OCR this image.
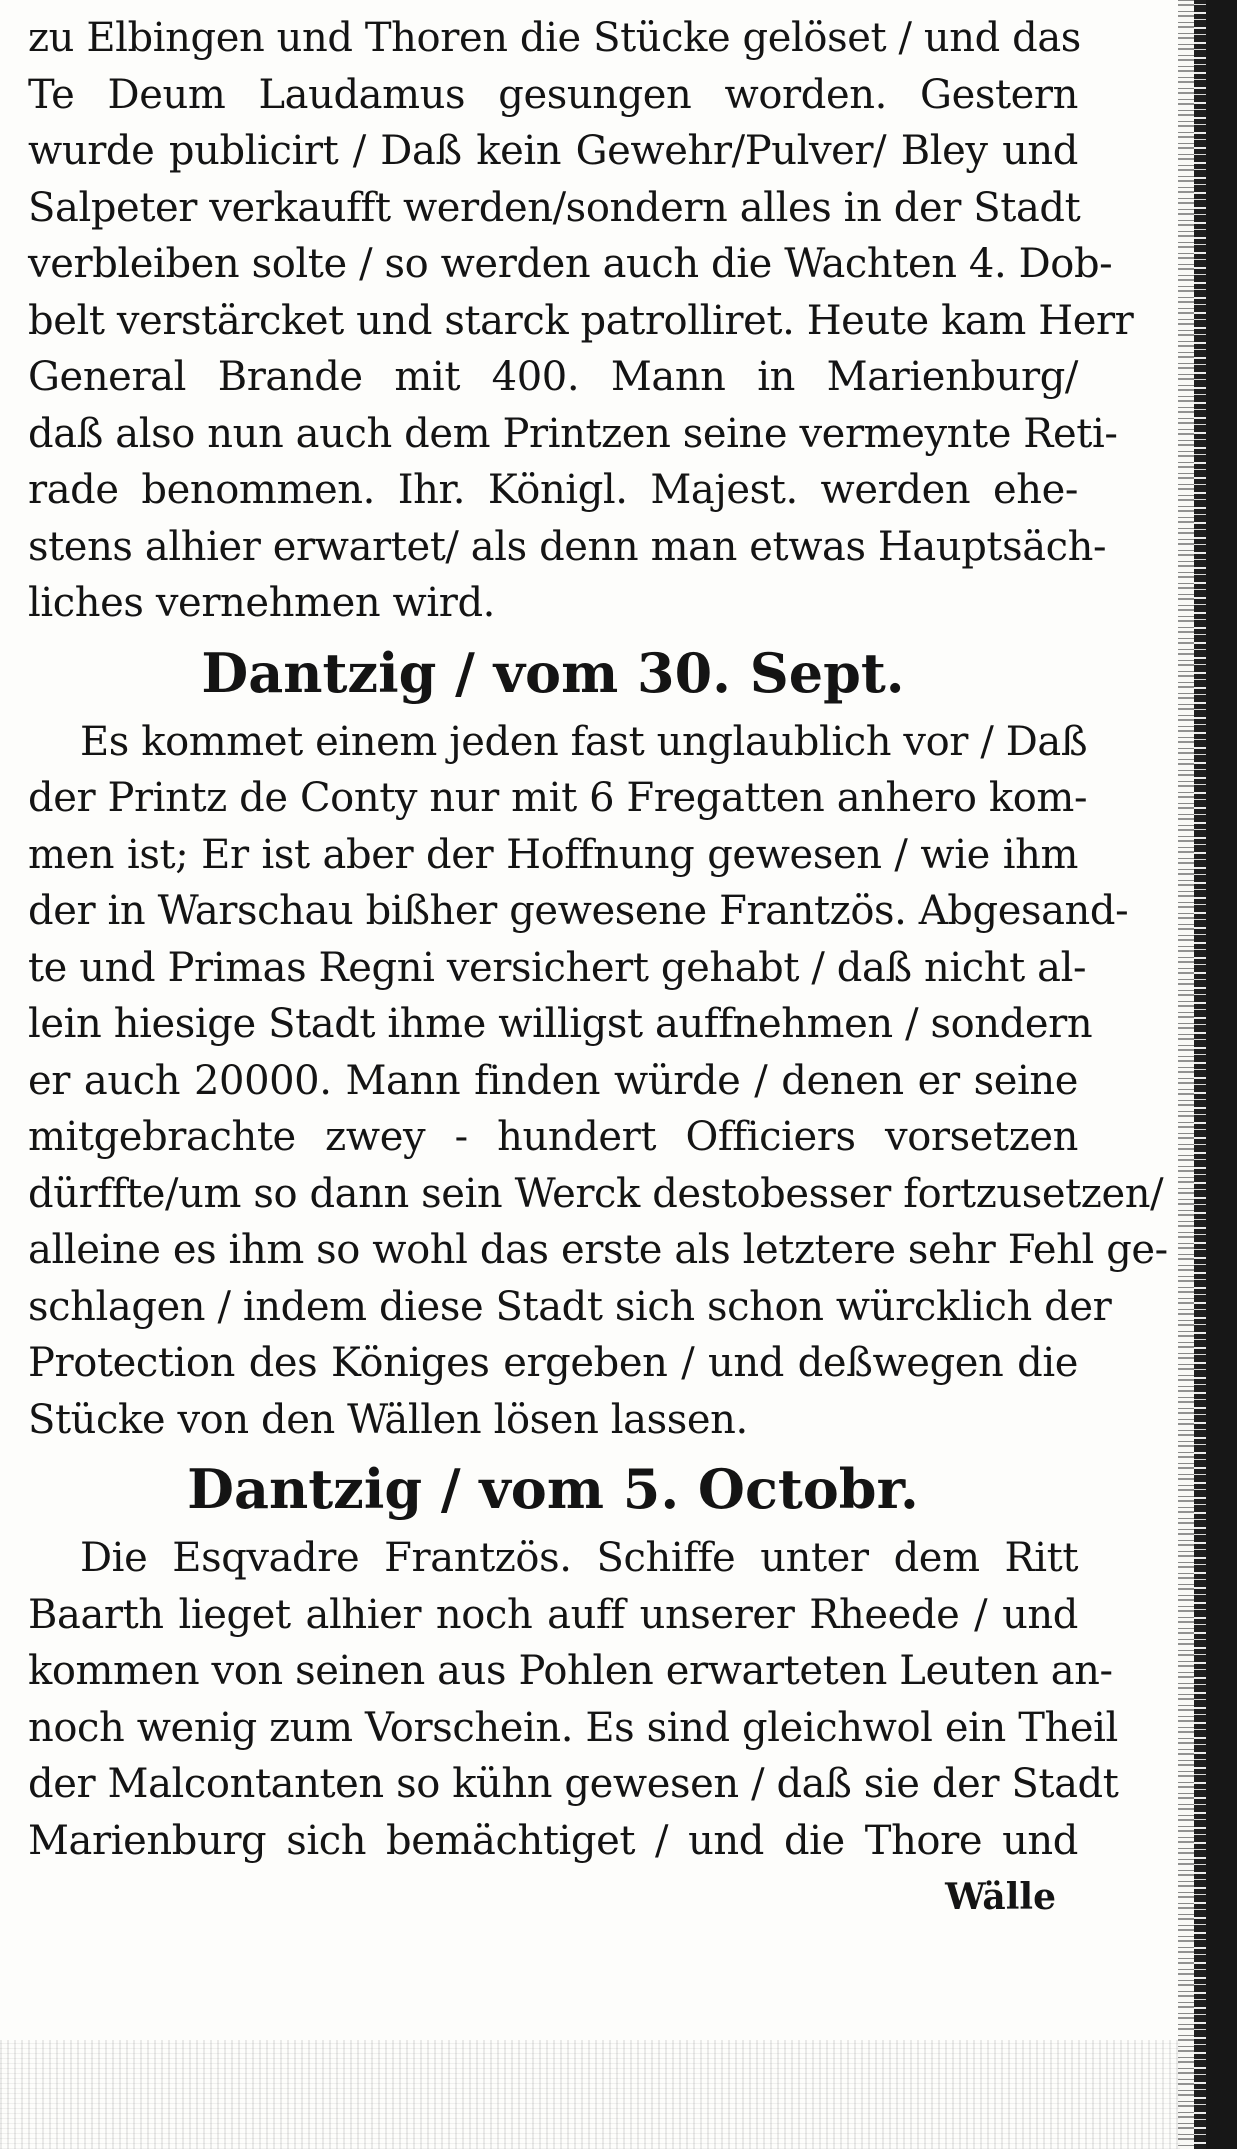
zu Elbingen und Thoren die Stücke gelöset / und das
Te Deum Laudamus gesungen worden. Gestern
wurde publicirt / Daß kein Gewehr/Pulver/ Bley und
Salpeter verkaufft werden/sondern alles in der Stadt
verbleiben solte / so werden auch die Wachten 4. Dob-
belt verstärcket und starck patrolliret. Heute kam Herr
General Brande mit 400. Mann in Marienburg/
daß also nun auch dem Printzen seine vermeynte Reti-
rade benommen. Ihr. Königl. Majest. werden ehe-
stens alhier erwartet/ als denn man etwas Hauptsäch-
liches vernehmen wird.
Dantzig / vom 30. Sept.
Es kommet einem jeden fast unglaublich vor / Daß
der Printz de Conty nur mit 6 Fregatten anhero kom-
men ist; Er ist aber der Hoffnung gewesen / wie ihm
der in Warschau bißher gewesene Frantzös. Abgesand-
te und Primas Regni versichert gehabt / daß nicht al-
lein hiesige Stadt ihme willigst auffnehmen / sondern
er auch 20000. Mann finden würde / denen er seine
mitgebrachte zwey - hundert Officiers vorsetzen
dürffte/um so dann sein Werck destobesser fortzusetzen/
alleine es ihm so wohl das erste als letztere sehr Fehl ge-
schlagen / indem diese Stadt sich schon würcklich der
Protection des Königes ergeben / und deßwegen die
Stücke von den Wällen lösen lassen.
Dantzig / vom 5. Octobr.
Die Esqvadre Frantzös. Schiffe unter dem Ritt
Baarth lieget alhier noch auff unserer Rheede / und
kommen von seinen aus Pohlen erwarteten Leuten an-
noch wenig zum Vorschein. Es sind gleichwol ein Theil
der Malcontanten so kühn gewesen / daß sie der Stadt
Marienburg sich bemächtiget / und die Thore und
Wälle
